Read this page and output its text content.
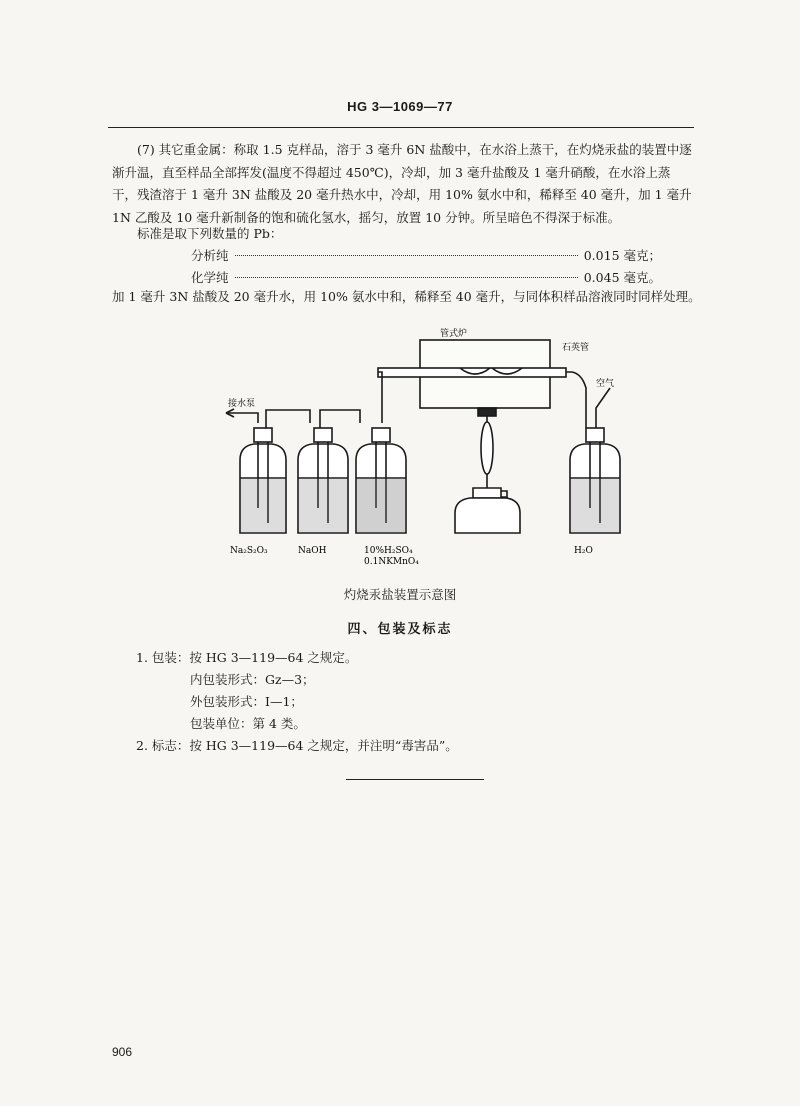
HG 3—1069—77
(7) 其它重金属：称取 1.5 克样品，溶于 3 毫升 6N 盐酸中，在水浴上蒸干，在灼烧汞盐的装置中逐渐升温，直至样品全部挥发(温度不得超过 450℃)，冷却，加 3 毫升盐酸及 1 毫升硝酸，在水浴上蒸干，残渣溶于 1 毫升 3N 盐酸及 20 毫升热水中，冷却，用 10% 氨水中和，稀释至 40 毫升，加 1 毫升 1N 乙酸及 10 毫升新制备的饱和硫化氢水，摇匀，放置 10 分钟。所呈暗色不得深于标准。
标准是取下列数量的 Pb：
分析纯	0.015 毫克；
化学纯	0.045 毫克。
加 1 毫升 3N 盐酸及 20 毫升水，用 10% 氨水中和，稀释至 40 毫升，与同体积样品溶液同时同样处理。
管式炉
石英管
空气
接水泵
Na₂S₂O₃	NaOH	10%H₂SO₄
0.1NKMnO₄
H₂O
灼烧汞盐装置示意图
四、包装及标志
1. 包装：按 HG 3—119—64 之规定。
内包装形式：Gz—3；
外包装形式：Ⅰ—1；
包装单位：第 4 类。
2. 标志：按 HG 3—119—64 之规定，并注明“毒害品”。
906
